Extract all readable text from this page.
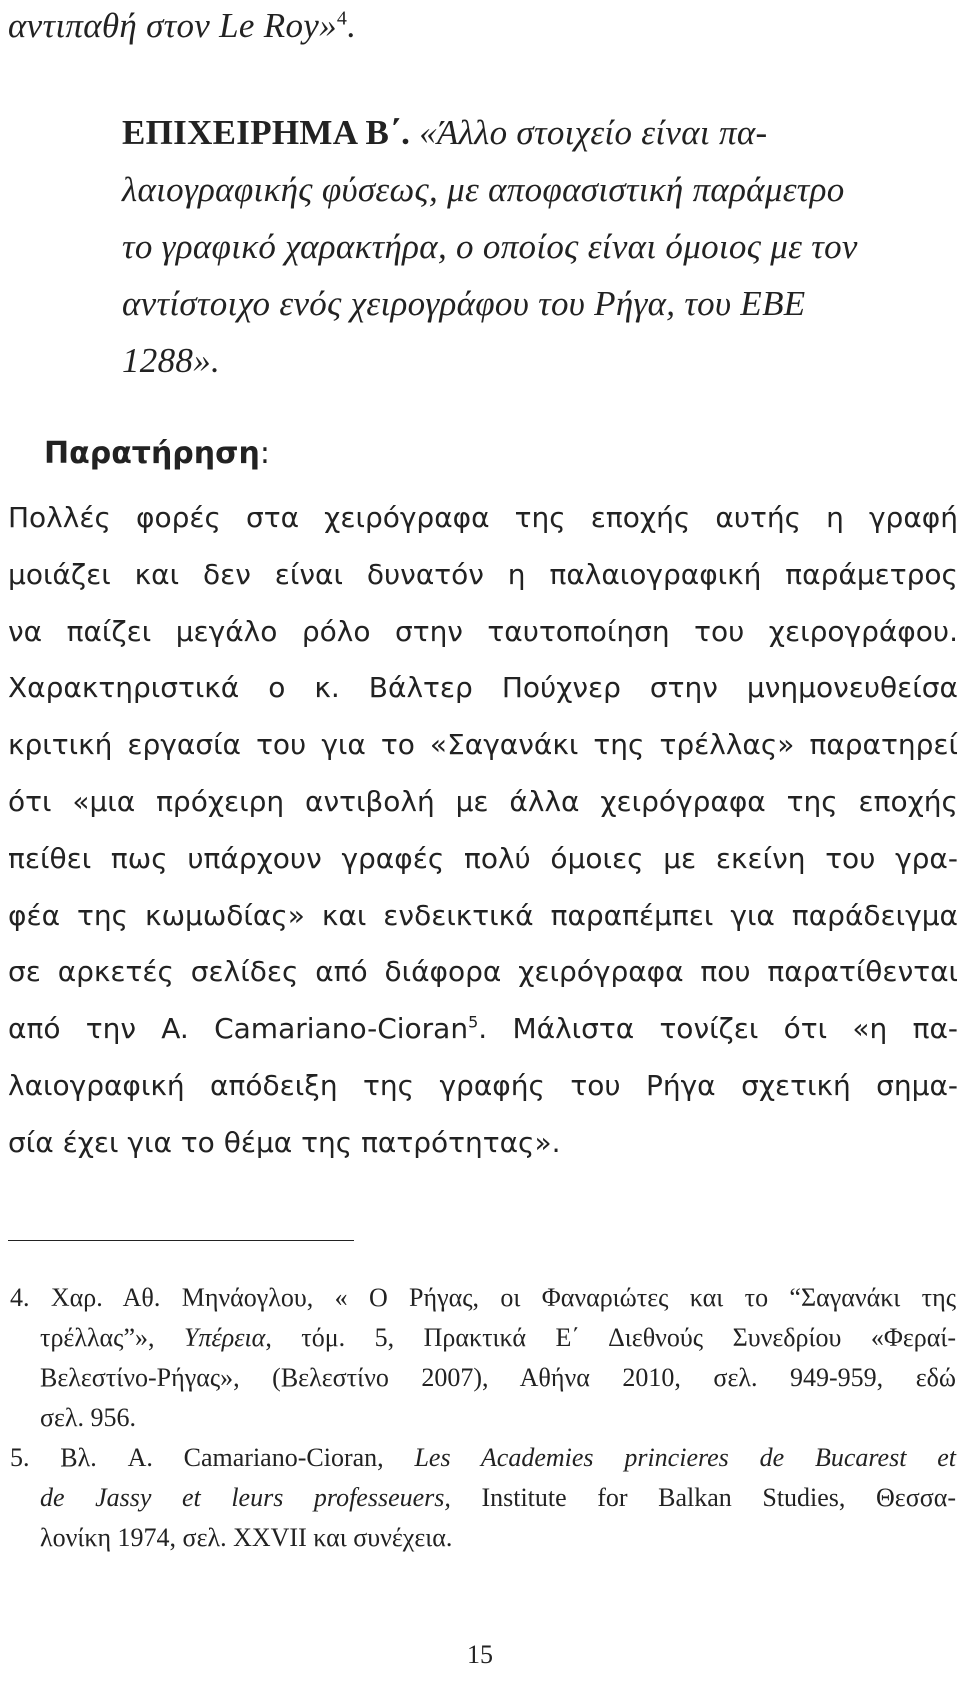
αντιπαθή στον Le Roy»$^4$.
ΕΠΙΧΕΙΡΗΜΑ Β΄. «Άλλο στοιχείο είναι πα-
λαιογραφικής φύσεως, με αποφασιστική παράμετρο
το γραφικό χαρακτήρα, ο οποίος είναι όμοιος με τον
αντίστοιχο ενός χειρογράφου του Ρήγα, του ΕΒΕ
1288».
Παρατήρηση:
Πολλές φορές στα χειρόγραφα της εποχής αυτής η γραφή
μοιάζει και δεν είναι δυνατόν η παλαιογραφική παράμετρος
να παίζει μεγάλο ρόλο στην ταυτοποίηση του χειρογράφου.
Χαρακτηριστικά ο κ. Βάλτερ Πούχνερ στην μνημονευθείσα
κριτική εργασία του για το «Σαγανάκι της τρέλλας» παρατηρεί
ότι «μια πρόχειρη αντιβολή με άλλα χειρόγραφα της εποχής
πείθει πως υπάρχουν γραφές πολύ όμοιες με εκείνη του γρα-
φέα της κωμωδίας» και ενδεικτικά παραπέμπει για παράδειγμα
σε αρκετές σελίδες από διάφορα χειρόγραφα που παρατίθενται
από την A. Camariano-Cioran$^5$. Μάλιστα τονίζει ότι «η πα-
λαιογραφική απόδειξη της γραφής του Ρήγα σχετική σημα-
σία έχει για το θέμα της πατρότητας».
4. Χαρ. Αθ. Μηνάογλου, « Ο Ρήγας, οι Φαναριώτες και το “Σαγανάκι της
τρέλλας”», Υπέρεια, τόμ. 5, Πρακτικά Ε΄ Διεθνούς Συνεδρίου «Φεραί-
Βελεστίνο-Ρήγας», (Βελεστίνο 2007), Αθήνα 2010, σελ. 949-959, εδώ
σελ. 956.
5. Βλ. A. Camariano-Cioran, Les Academies princieres de Bucarest et
de Jassy et leurs professeuers, Institute for Balkan Studies, Θεσσα-
λονίκη 1974, σελ. XXVII και συνέχεια.
15
